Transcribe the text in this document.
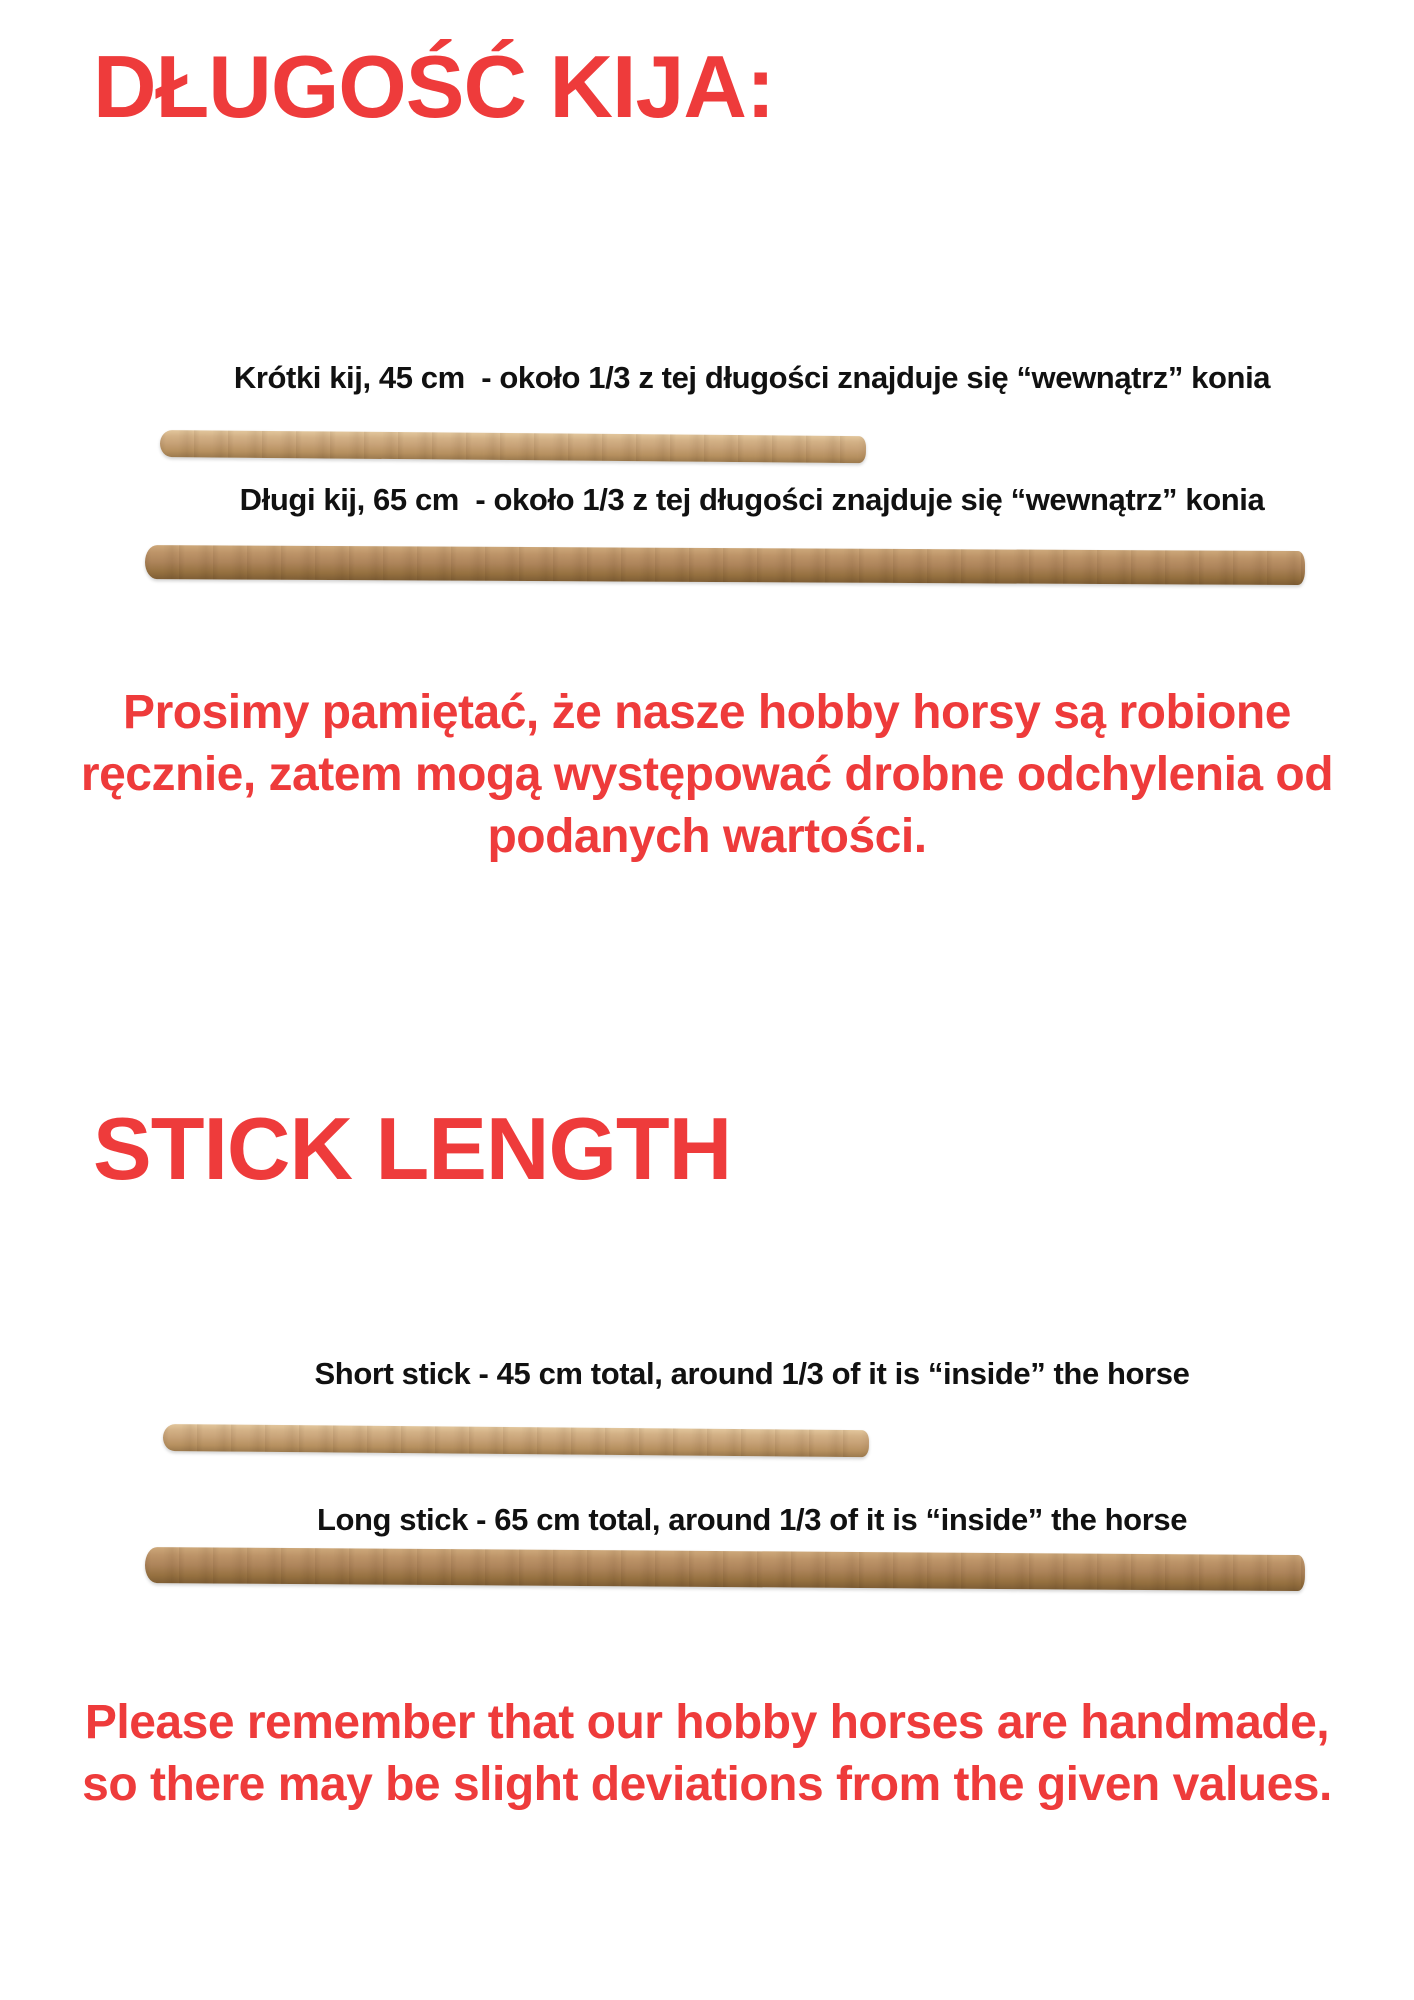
DŁUGOŚĆ KIJA:
Krótki kij, 45 cm  - około 1/3 z tej długości znajduje się “wewnątrz” konia
Długi kij, 65 cm  - około 1/3 z tej długości znajduje się “wewnątrz” konia
Prosimy pamiętać, że nasze hobby horsy są robione
ręcznie, zatem mogą występować drobne odchylenia od
podanych wartości.
STICK LENGTH
Short stick - 45 cm total, around 1/3 of it is “inside” the horse
Long stick - 65 cm total, around 1/3 of it is “inside” the horse
Please remember that our hobby horses are handmade,
so there may be slight deviations from the given values.
